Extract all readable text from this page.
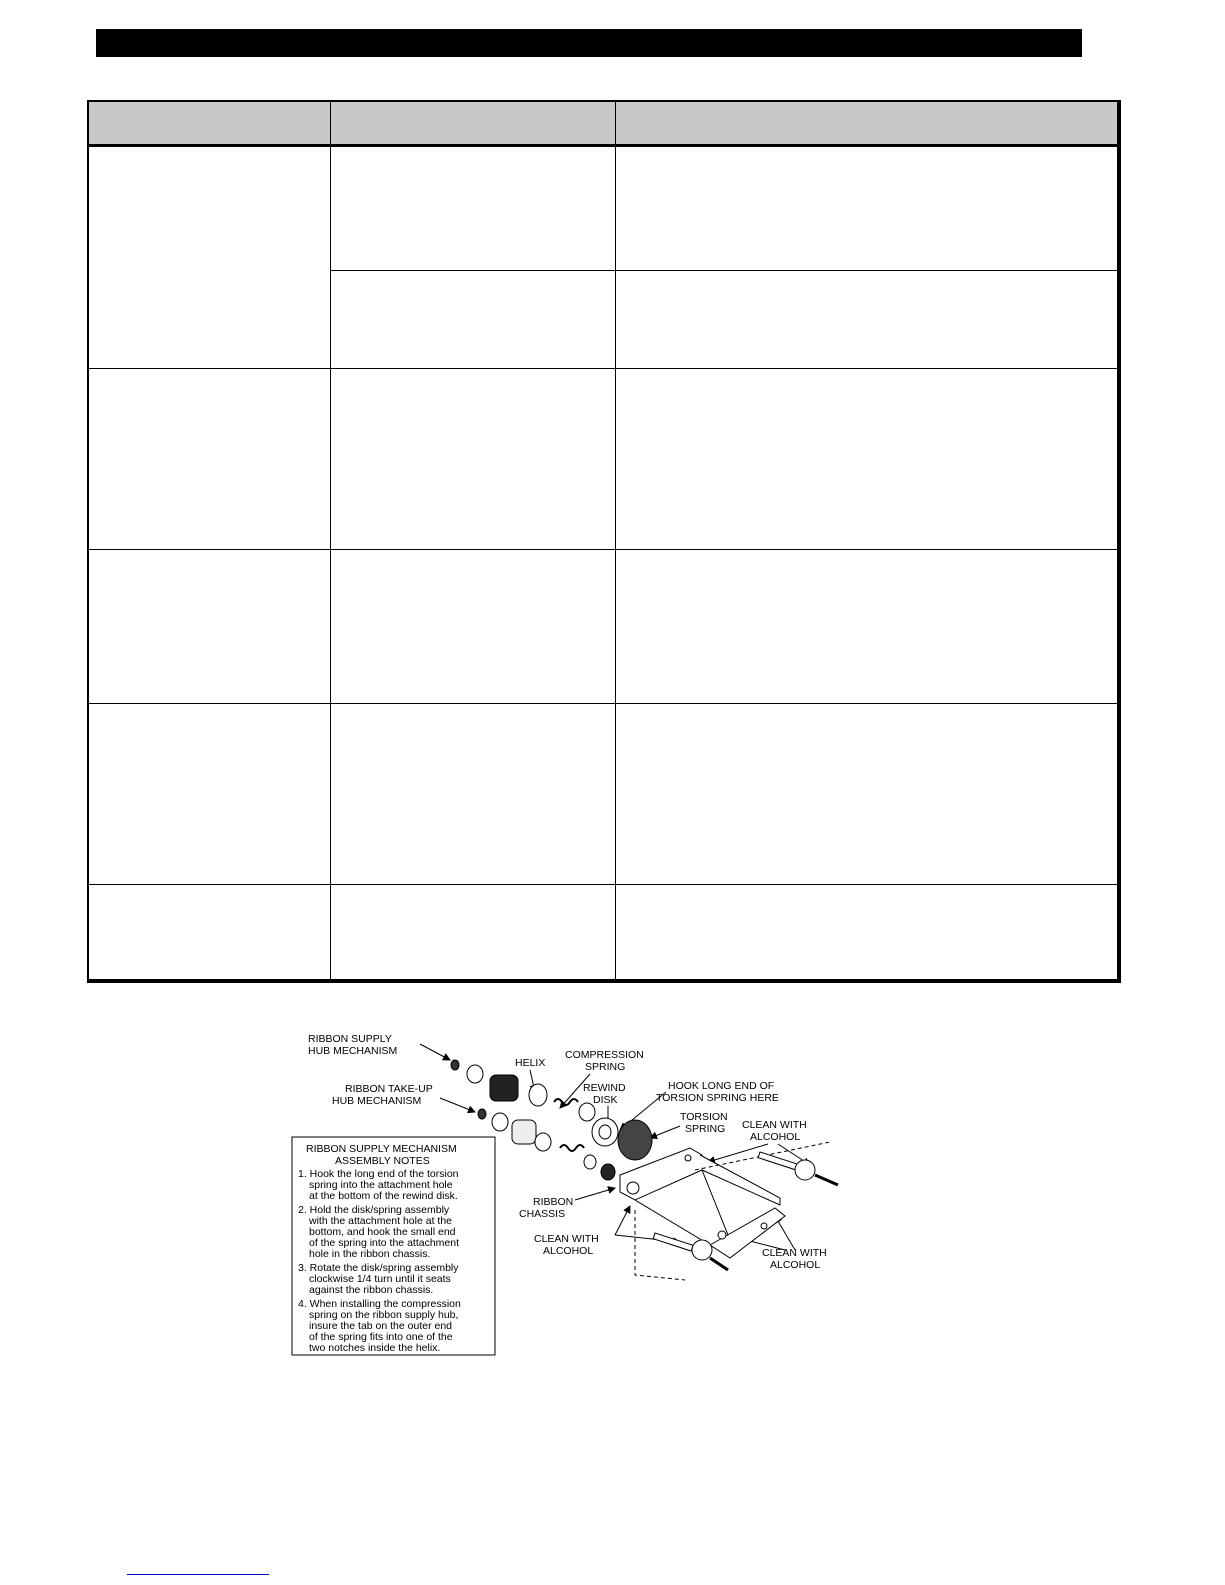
RIBBON SUPPLY
HUB MECHANISM
RIBBON TAKE-UP
HUB MECHANISM
HELIX
COMPRESSION
SPRING
REWIND
DISK
HOOK LONG END OF
TORSION SPRING HERE
TORSION
SPRING CLEAN WITH
ALCOHOL
RIBBON
CHASSIS
CLEAN WITH
ALCOHOL	CLEAN WITH
ALCOHOL
RIBBON SUPPLY MECHANISM
ASSEMBLY NOTES
1. Hook the long end of the torsion
spring into the attachment hole
at the bottom of the rewind disk.
2. Hold the disk/spring assembly
with the attachment hole at the
bottom, and hook the small end
of the spring into the attachment
hole in the ribbon chassis.
3. Rotate the disk/spring assembly
clockwise 1/4 turn until it seats
against the ribbon chassis.
4. When installing the compression
spring on the ribbon supply hub,
insure the tab on the outer end
of the spring fits into one of the
two notches inside the helix.
